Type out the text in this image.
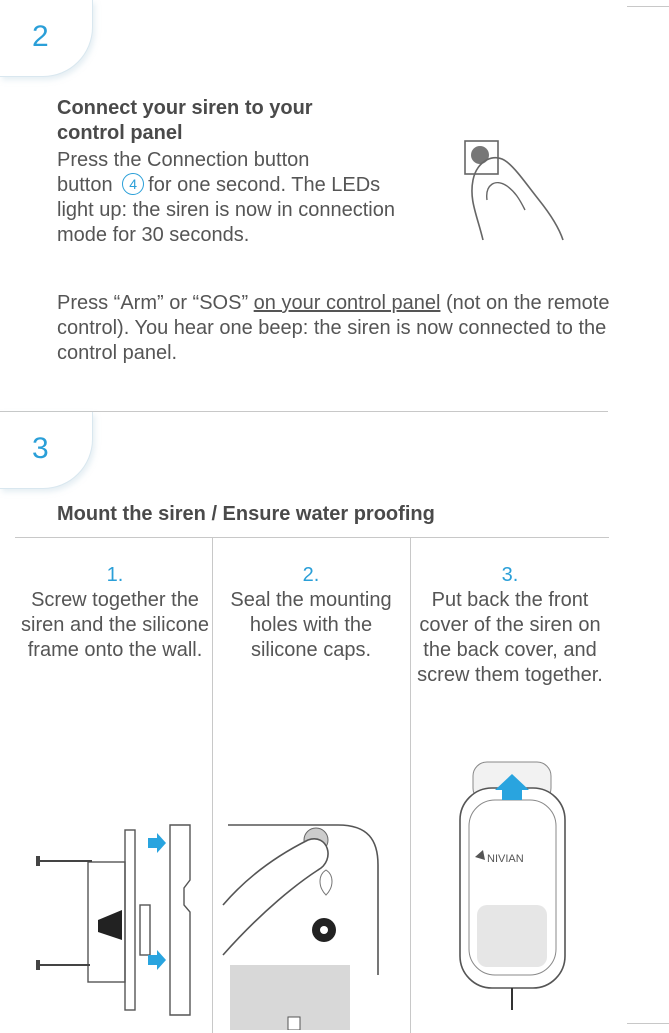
2
Connect your siren to your control panel
Press the Connection button
button 4 for one second. The LEDs light up: the siren is now in connection mode for 30 seconds.
Press “Arm” or “SOS” on your control panel (not on the remote control). You hear one beep: the siren is now connected to the control panel.
3
Mount the siren / Ensure water proofing
1.
Screw together the siren and the silicone frame onto the wall.
2.
Seal the mounting holes with the silicone caps.
3.
Put back the front cover of the siren on the back cover, and screw them together.
NIVIAN
